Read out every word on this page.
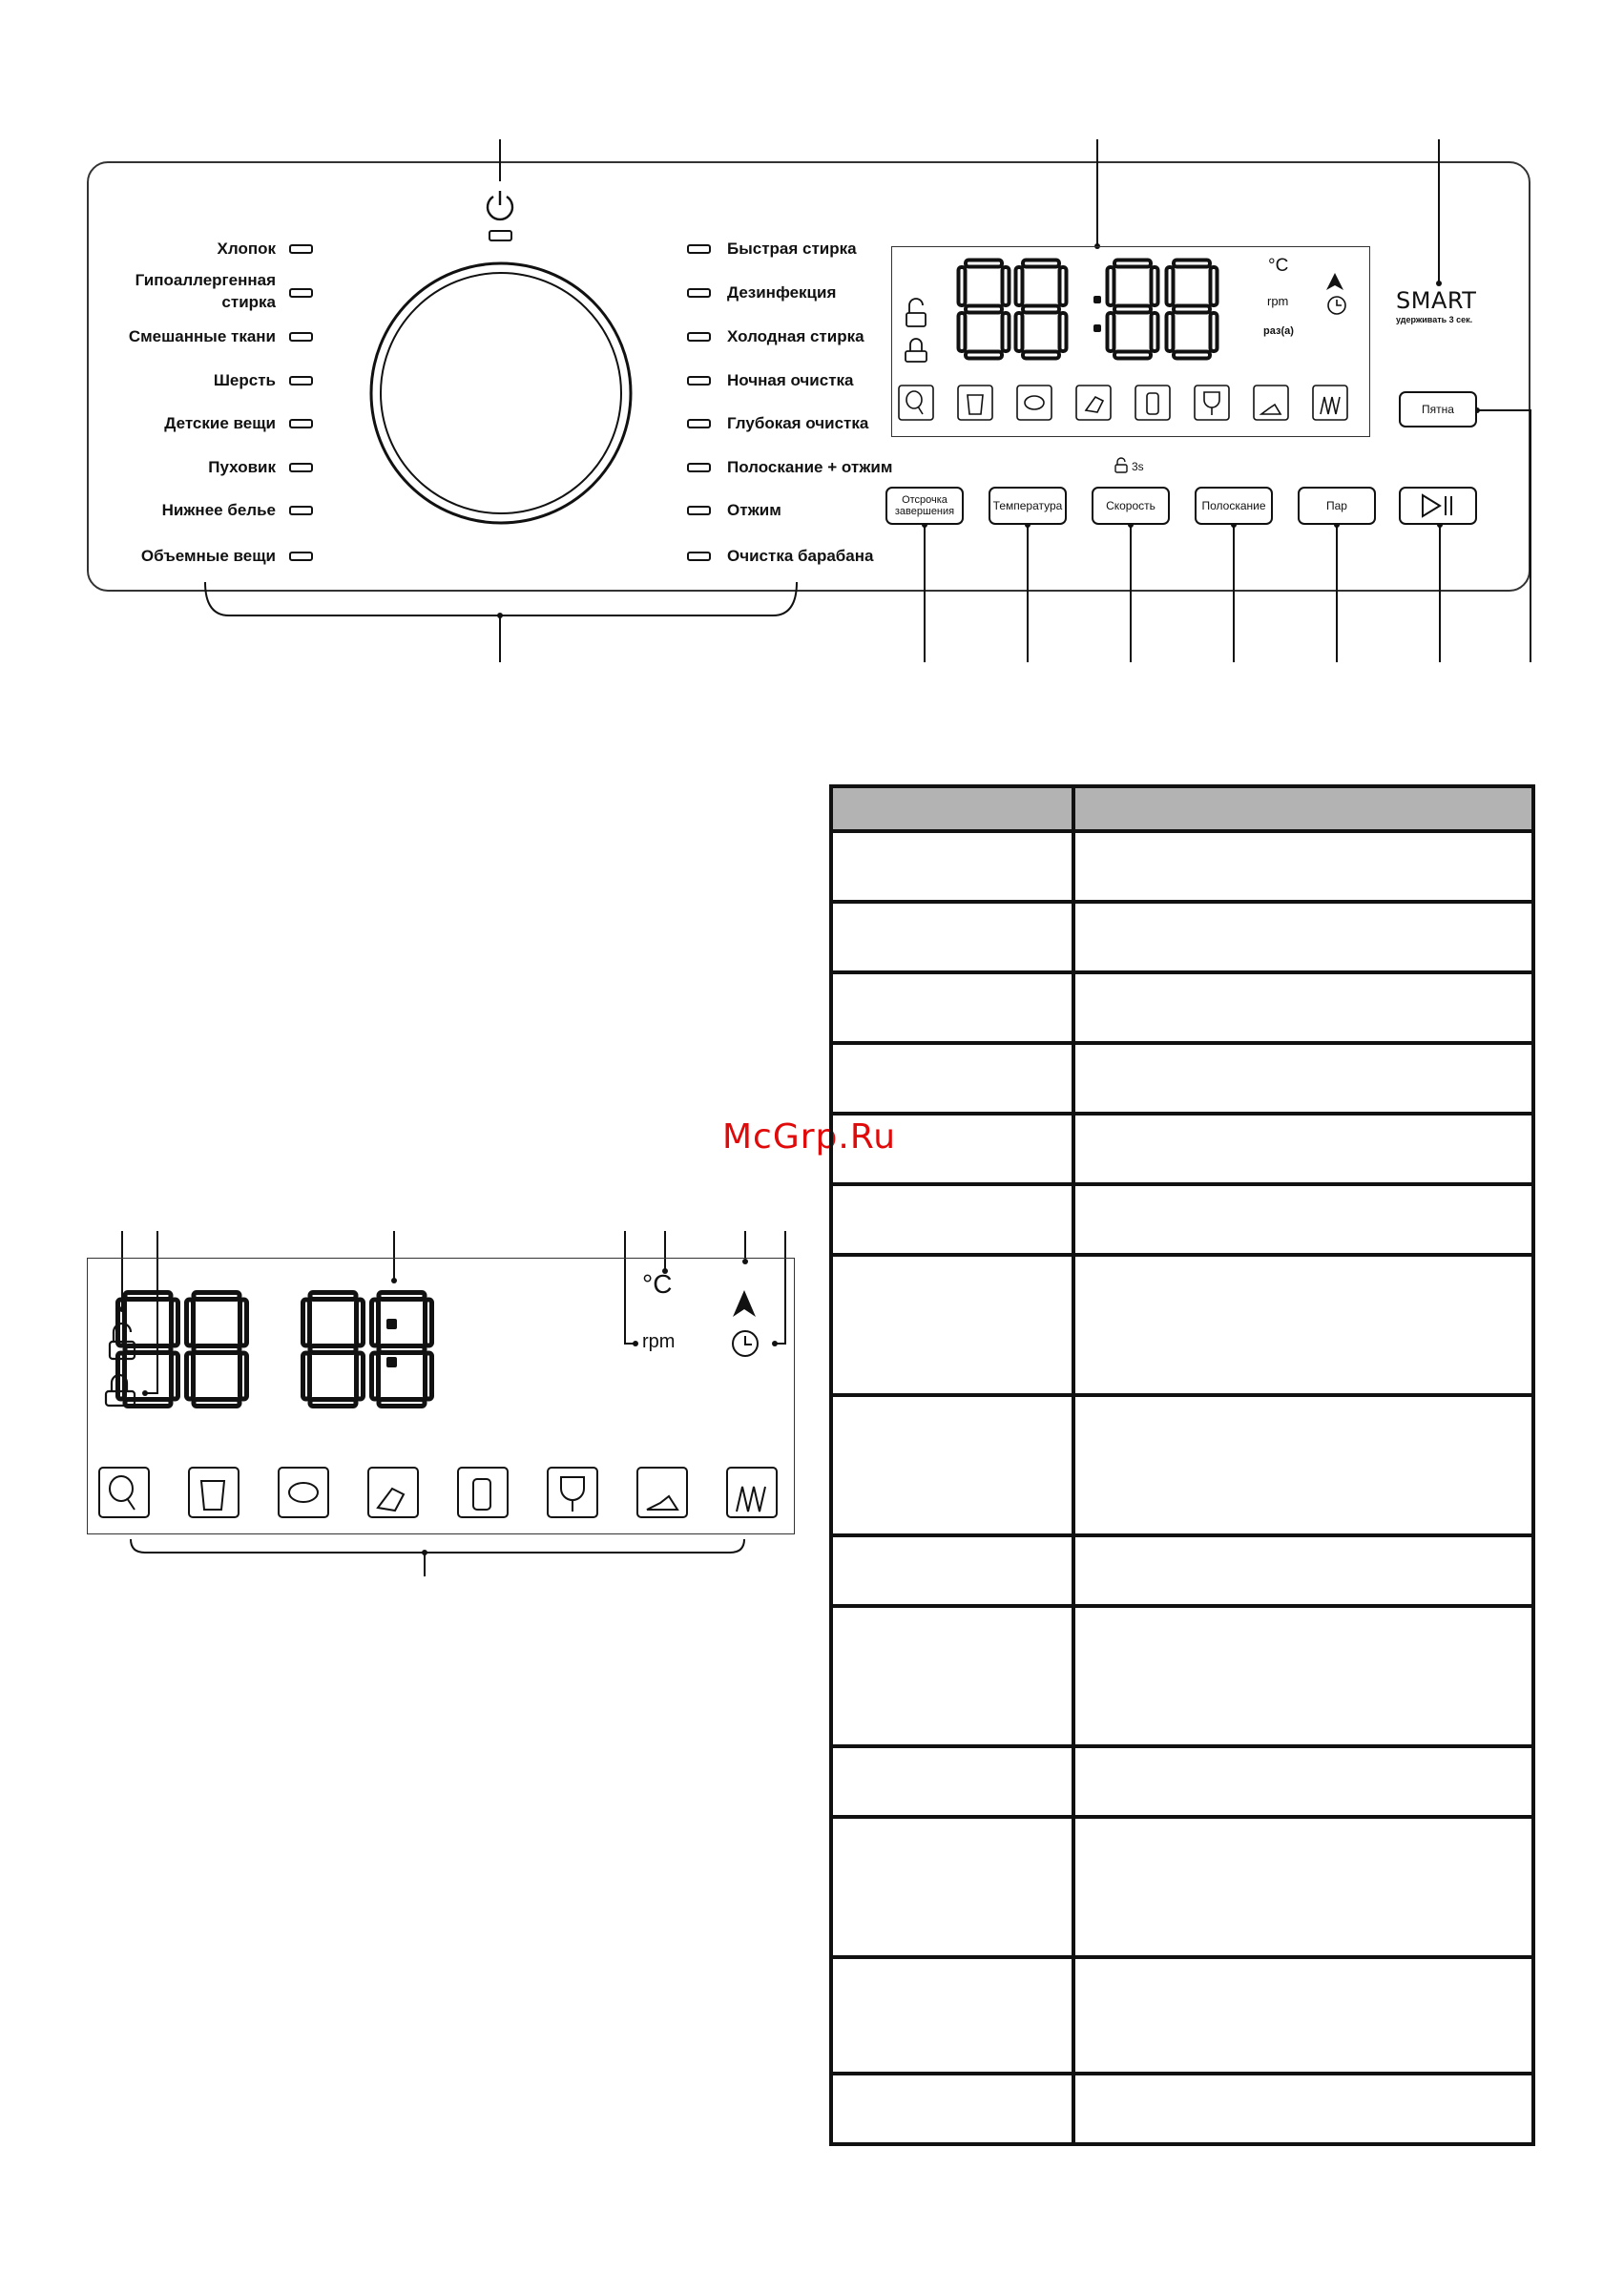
Хлопок
Гипоаллергенная
стирка
Смешанные ткани
Шерсть
Детские вещи
Пуховик
Нижнее белье
Объемные вещи
Быстрая стирка
Дезинфекция
Холодная стирка
Ночная очистка
Глубокая очистка
Полоскание + отжим
Отжим
Очистка барабана
°C
rpm
раз(а)
SMART
удерживать 3 сек.
Пятна
3s
Отсрочка
завершения	Температура	Скорость	Полоскание	Пар
McGrp.Ru
°C
rpm
